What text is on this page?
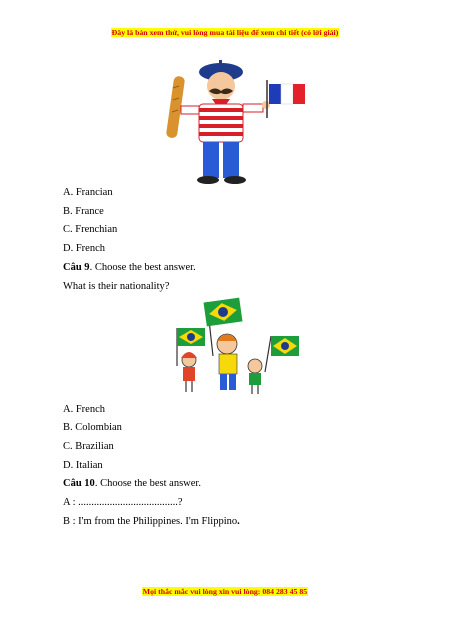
Đây là bản xem thử, vui lòng mua tài liệu để xem chi tiết (có lời giải)
A. Francian
B. France
C. Frenchian
D. French
Câu 9. Choose the best answer.
What is their nationality?
A. French
B. Colombian
C. Brazilian
D. Italian
Câu 10. Choose the best answer.
A : ......................................?
B : I'm from the Philippines. I'm Flippino.
Mọi thắc mắc vui lòng xin vui lòng: 084 283 45 85
